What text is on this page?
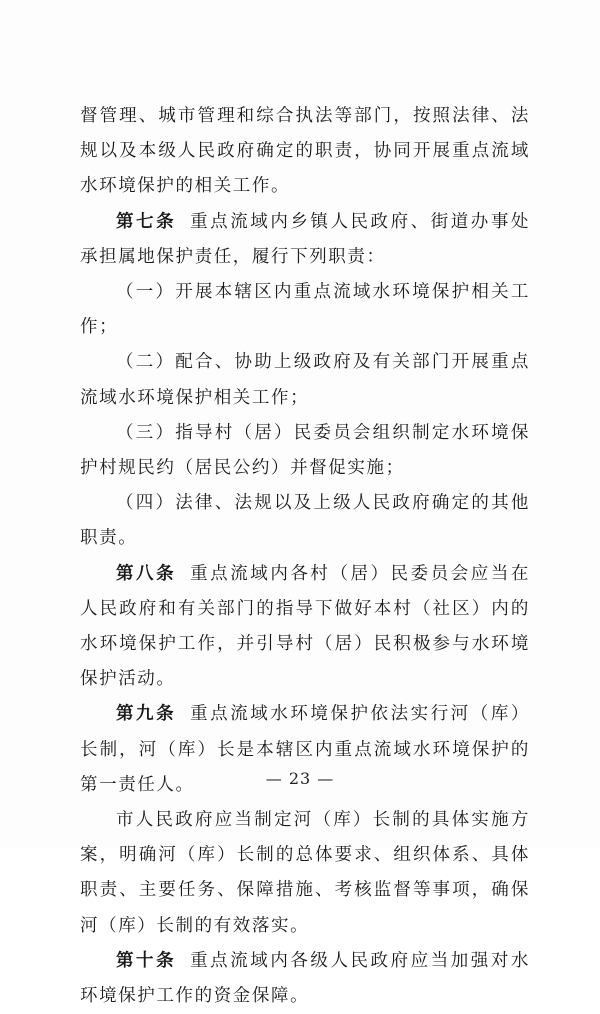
督管理、城市管理和综合执法等部门，按照法律、法规以及本级人民政府确定的职责，协同开展重点流域水环境保护的相关工作。

第七条 重点流域内乡镇人民政府、街道办事处承担属地保护责任，履行下列职责：

（一）开展本辖区内重点流域水环境保护相关工作；

（二）配合、协助上级政府及有关部门开展重点流域水环境保护相关工作；

（三）指导村（居）民委员会组织制定水环境保护村规民约（居民公约）并督促实施；

（四）法律、法规以及上级人民政府确定的其他职责。

第八条 重点流域内各村（居）民委员会应当在人民政府和有关部门的指导下做好本村（社区）内的水环境保护工作，并引导村（居）民积极参与水环境保护活动。

第九条 重点流域水环境保护依法实行河（库）长制，河（库）长是本辖区内重点流域水环境保护的第一责任人。

市人民政府应当制定河（库）长制的具体实施方案，明确河（库）长制的总体要求、组织体系、具体职责、主要任务、保障措施、考核监督等事项，确保河（库）长制的有效落实。

第十条 重点流域内各级人民政府应当加强对水环境保护工作的资金保障。

— 23 —
